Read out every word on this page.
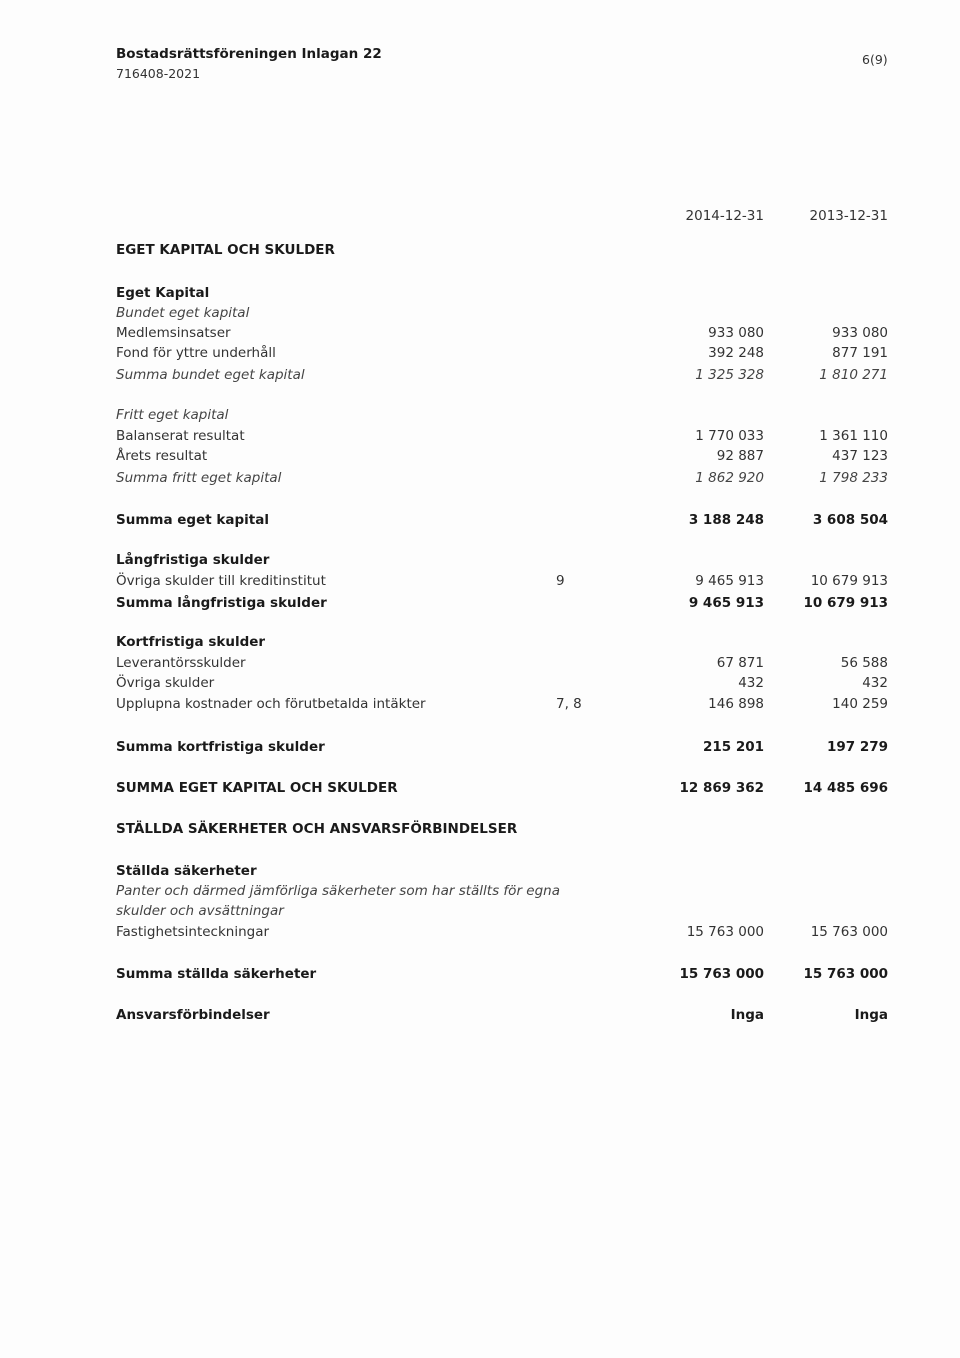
Bostadsrättsföreningen Inlagan 22
716408-2021
6(9)
2014-12-31	2013-12-31
EGET KAPITAL OCH SKULDER
Eget Kapital
Bundet eget kapital
Medlemsinsatser	933 080	933 080
Fond för yttre underhåll	392 248	877 191
Summa bundet eget kapital	1 325 328	1 810 271
Fritt eget kapital
Balanserat resultat	1 770 033	1 361 110
Årets resultat	92 887	437 123
Summa fritt eget kapital	1 862 920	1 798 233
Summa eget kapital	3 188 248	3 608 504
Långfristiga skulder
Övriga skulder till kreditinstitut	9	9 465 913	10 679 913
Summa långfristiga skulder	9 465 913	10 679 913
Kortfristiga skulder
Leverantörsskulder	67 871	56 588
Övriga skulder	432	432
Upplupna kostnader och förutbetalda intäkter	7, 8	146 898	140 259
Summa kortfristiga skulder	215 201	197 279
SUMMA EGET KAPITAL OCH SKULDER	12 869 362	14 485 696
STÄLLDA SÄKERHETER OCH ANSVARSFÖRBINDELSER
Ställda säkerheter
Panter och därmed jämförliga säkerheter som har ställts för egna
skulder och avsättningar
Fastighetsinteckningar	15 763 000	15 763 000
Summa ställda säkerheter	15 763 000	15 763 000
Ansvarsförbindelser	Inga	Inga
